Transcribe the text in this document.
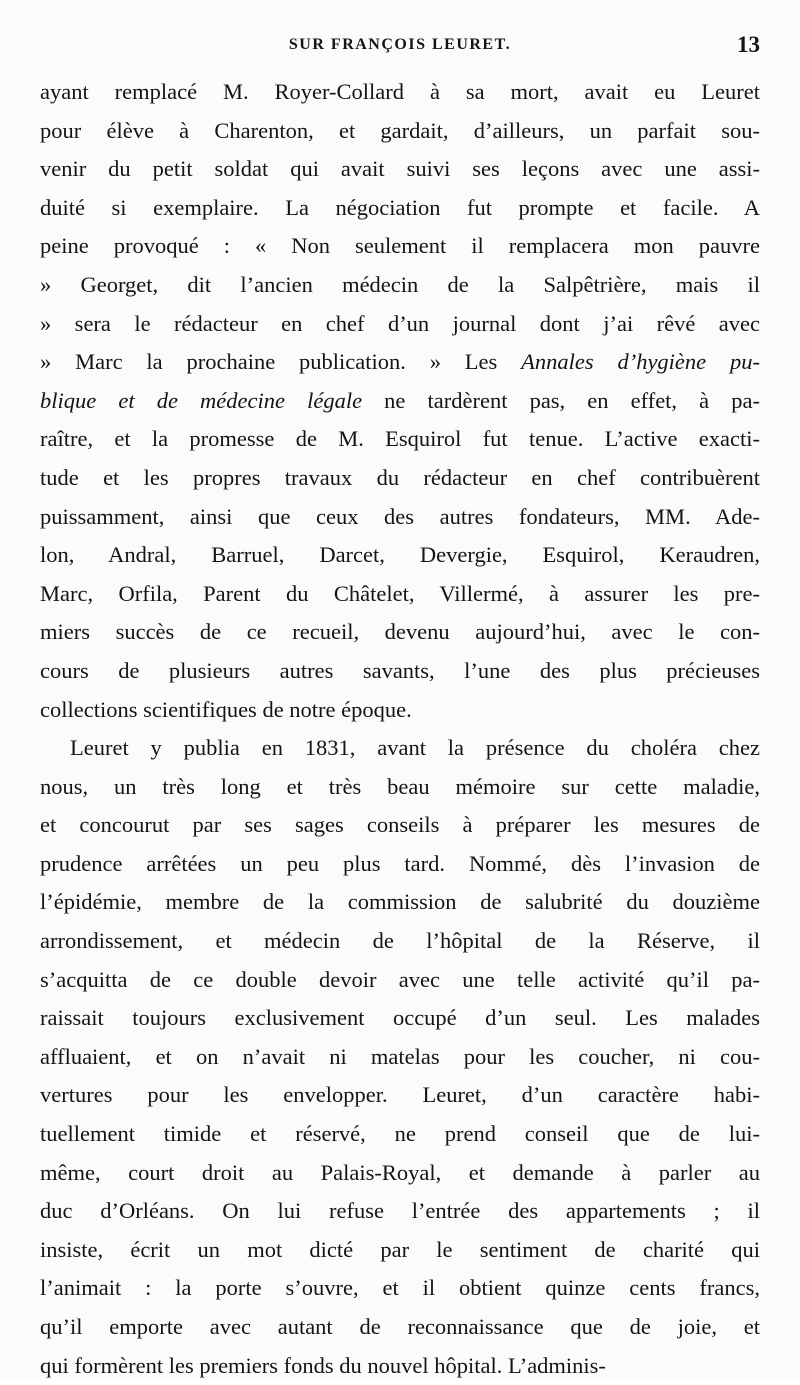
SUR FRANÇOIS LEURET.	13
ayant remplacé M. Royer-Collard à sa mort, avait eu Leuret
pour élève à Charenton, et gardait, d’ailleurs, un parfait sou-
venir du petit soldat qui avait suivi ses leçons avec une assi-
duité si exemplaire. La négociation fut prompte et facile. A
peine provoqué : « Non seulement il remplacera mon pauvre
» Georget, dit l’ancien médecin de la Salpêtrière, mais il
» sera le rédacteur en chef d’un journal dont j’ai rêvé avec
» Marc la prochaine publication. » Les Annales d’hygiène pu-
blique et de médecine légale ne tardèrent pas, en effet, à pa-
raître, et la promesse de M. Esquirol fut tenue. L’active exacti-
tude et les propres travaux du rédacteur en chef contribuèrent
puissamment, ainsi que ceux des autres fondateurs, MM. Ade-
lon, Andral, Barruel, Darcet, Devergie, Esquirol, Keraudren,
Marc, Orfila, Parent du Châtelet, Villermé, à assurer les pre-
miers succès de ce recueil, devenu aujourd’hui, avec le con-
cours de plusieurs autres savants, l’une des plus précieuses
collections scientifiques de notre époque.
Leuret y publia en 1831, avant la présence du choléra chez
nous, un très long et très beau mémoire sur cette maladie,
et concourut par ses sages conseils à préparer les mesures de
prudence arrêtées un peu plus tard. Nommé, dès l’invasion de
l’épidémie, membre de la commission de salubrité du douzième
arrondissement, et médecin de l’hôpital de la Réserve, il
s’acquitta de ce double devoir avec une telle activité qu’il pa-
raissait toujours exclusivement occupé d’un seul. Les malades
affluaient, et on n’avait ni matelas pour les coucher, ni cou-
vertures pour les envelopper. Leuret, d’un caractère habi-
tuellement timide et réservé, ne prend conseil que de lui-
même, court droit au Palais-Royal, et demande à parler au
duc d’Orléans. On lui refuse l’entrée des appartements ; il
insiste, écrit un mot dicté par le sentiment de charité qui
l’animait : la porte s’ouvre, et il obtient quinze cents francs,
qu’il emporte avec autant de reconnaissance que de joie, et
qui formèrent les premiers fonds du nouvel hôpital. L’adminis-
